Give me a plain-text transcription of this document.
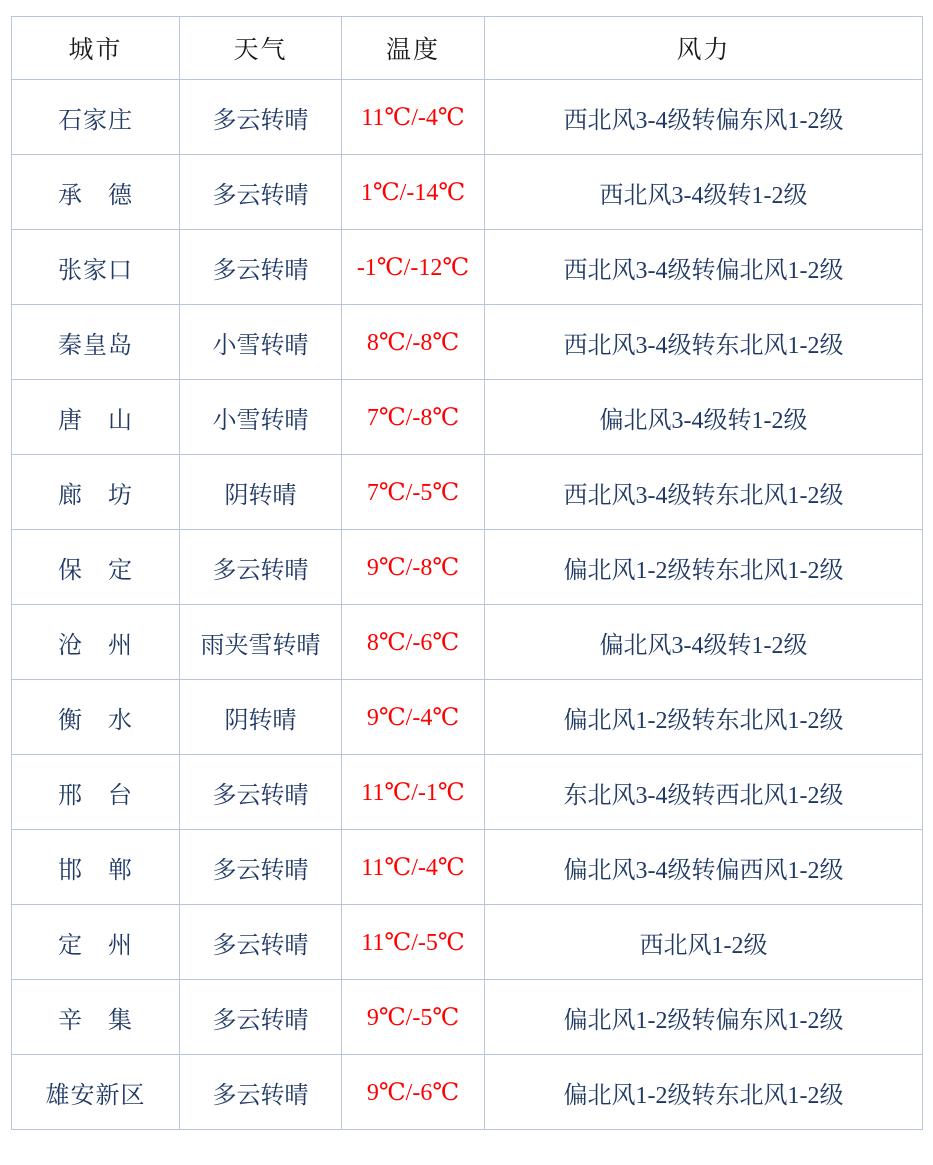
城市	天气	温度	风力
石家庄	多云转晴	11℃/-4℃	西北风3-4级转偏东风1-2级
承　德	多云转晴	1℃/-14℃	西北风3-4级转1-2级
张家口	多云转晴	-1℃/-12℃	西北风3-4级转偏北风1-2级
秦皇岛	小雪转晴	8℃/-8℃	西北风3-4级转东北风1-2级
唐　山	小雪转晴	7℃/-8℃	偏北风3-4级转1-2级
廊　坊	阴转晴	7℃/-5℃	西北风3-4级转东北风1-2级
保　定	多云转晴	9℃/-8℃	偏北风1-2级转东北风1-2级
沧　州	雨夹雪转晴	8℃/-6℃	偏北风3-4级转1-2级
衡　水	阴转晴	9℃/-4℃	偏北风1-2级转东北风1-2级
邢　台	多云转晴	11℃/-1℃	东北风3-4级转西北风1-2级
邯　郸	多云转晴	11℃/-4℃	偏北风3-4级转偏西风1-2级
定　州	多云转晴	11℃/-5℃	西北风1-2级
辛　集	多云转晴	9℃/-5℃	偏北风1-2级转偏东风1-2级
雄安新区	多云转晴	9℃/-6℃	偏北风1-2级转东北风1-2级
